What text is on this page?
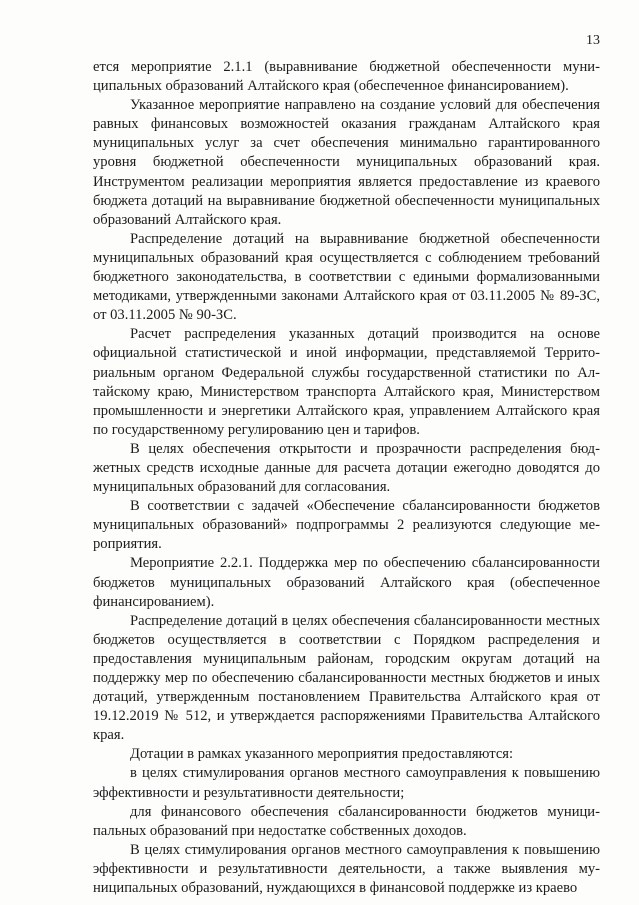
13

ется мероприятие 2.1.1 (выравнивание бюджетной обеспеченности муниципальных образований Алтайского края (обеспеченное финансированием).

Указанное мероприятие направлено на создание условий для обеспечения равных финансовых возможностей оказания гражданам Алтайского края муниципальных услуг за счет обеспечения минимально гарантированного уровня бюджетной обеспеченности муниципальных образований края. Инструментом реализации мероприятия является предоставление из краевого бюджета дотаций на выравнивание бюджетной обеспеченности муниципальных образований Алтайского края.

Распределение дотаций на выравнивание бюджетной обеспеченности муниципальных образований края осуществляется с соблюдением требований бюджетного законодательства, в соответствии с едиными формализованными методиками, утвержденными законами Алтайского края от 03.11.2005 № 89-ЗС, от 03.11.2005 № 90-ЗС.

Расчет распределения указанных дотаций производится на основе официальной статистической и иной информации, представляемой Территориальным органом Федеральной службы государственной статистики по Алтайскому краю, Министерством транспорта Алтайского края, Министерством промышленности и энергетики Алтайского края, управлением Алтайского края по государственному регулированию цен и тарифов.

В целях обеспечения открытости и прозрачности распределения бюджетных средств исходные данные для расчета дотации ежегодно доводятся до муниципальных образований для согласования.

В соответствии с задачей «Обеспечение сбалансированности бюджетов муниципальных образований» подпрограммы 2 реализуются следующие мероприятия.

Мероприятие 2.2.1. Поддержка мер по обеспечению сбалансированности бюджетов муниципальных образований Алтайского края (обеспеченное финансированием).

Распределение дотаций в целях обеспечения сбалансированности местных бюджетов осуществляется в соответствии с Порядком распределения и предоставления муниципальным районам, городским округам дотаций на поддержку мер по обеспечению сбалансированности местных бюджетов и иных дотаций, утвержденным постановлением Правительства Алтайского края от 19.12.2019 № 512, и утверждается распоряжениями Правительства Алтайского края.

Дотации в рамках указанного мероприятия предоставляются:

в целях стимулирования органов местного самоуправления к повышению эффективности и результативности деятельности;

для финансового обеспечения сбалансированности бюджетов муниципальных образований при недостатке собственных доходов.

В целях стимулирования органов местного самоуправления к повышению эффективности и результативности деятельности, а также выявления муниципальных образований, нуждающихся в финансовой поддержке из краево
